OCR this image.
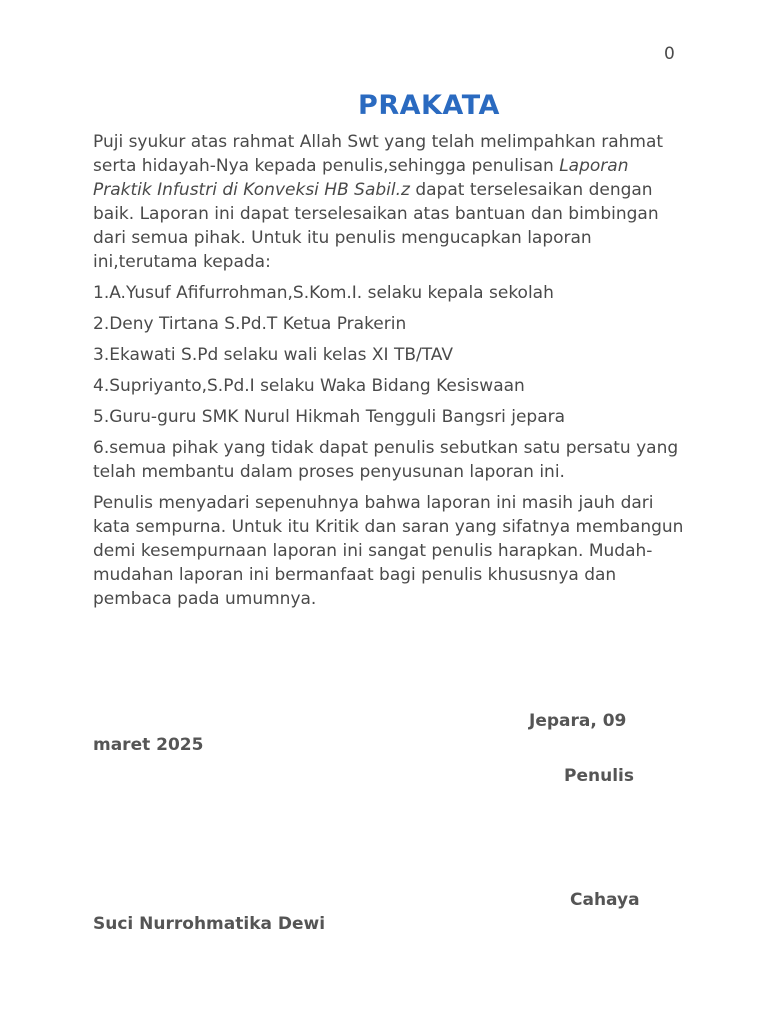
0
PRAKATA

Puji syukur atas rahmat Allah Swt yang telah melimpahkan rahmat serta hidayah-Nya kepada penulis,sehingga penulisan Laporan Praktik Infustri di Konveksi HB Sabil.z dapat terselesaikan dengan baik. Laporan ini dapat terselesaikan atas bantuan dan bimbingan dari semua pihak. Untuk itu penulis mengucapkan laporan ini,terutama kepada:

1.A.Yusuf Afifurrohman,S.Kom.I. selaku kepala sekolah
2.Deny Tirtana S.Pd.T Ketua Prakerin
3.Ekawati S.Pd selaku wali kelas XI TB/TAV
4.Supriyanto,S.Pd.I selaku Waka Bidang Kesiswaan
5.Guru-guru SMK Nurul Hikmah Tengguli Bangsri jepara
6.semua pihak yang tidak dapat penulis sebutkan satu persatu yang telah membantu dalam proses penyusunan laporan ini.

Penulis menyadari sepenuhnya bahwa laporan ini masih jauh dari kata sempurna. Untuk itu Kritik dan saran yang sifatnya membangun demi kesempurnaan laporan ini sangat penulis harapkan. Mudah-mudahan laporan ini bermanfaat bagi penulis khususnya dan pembaca pada umumnya.

Jepara, 09 maret 2025
Penulis
Cahaya Suci Nurrohmatika Dewi
